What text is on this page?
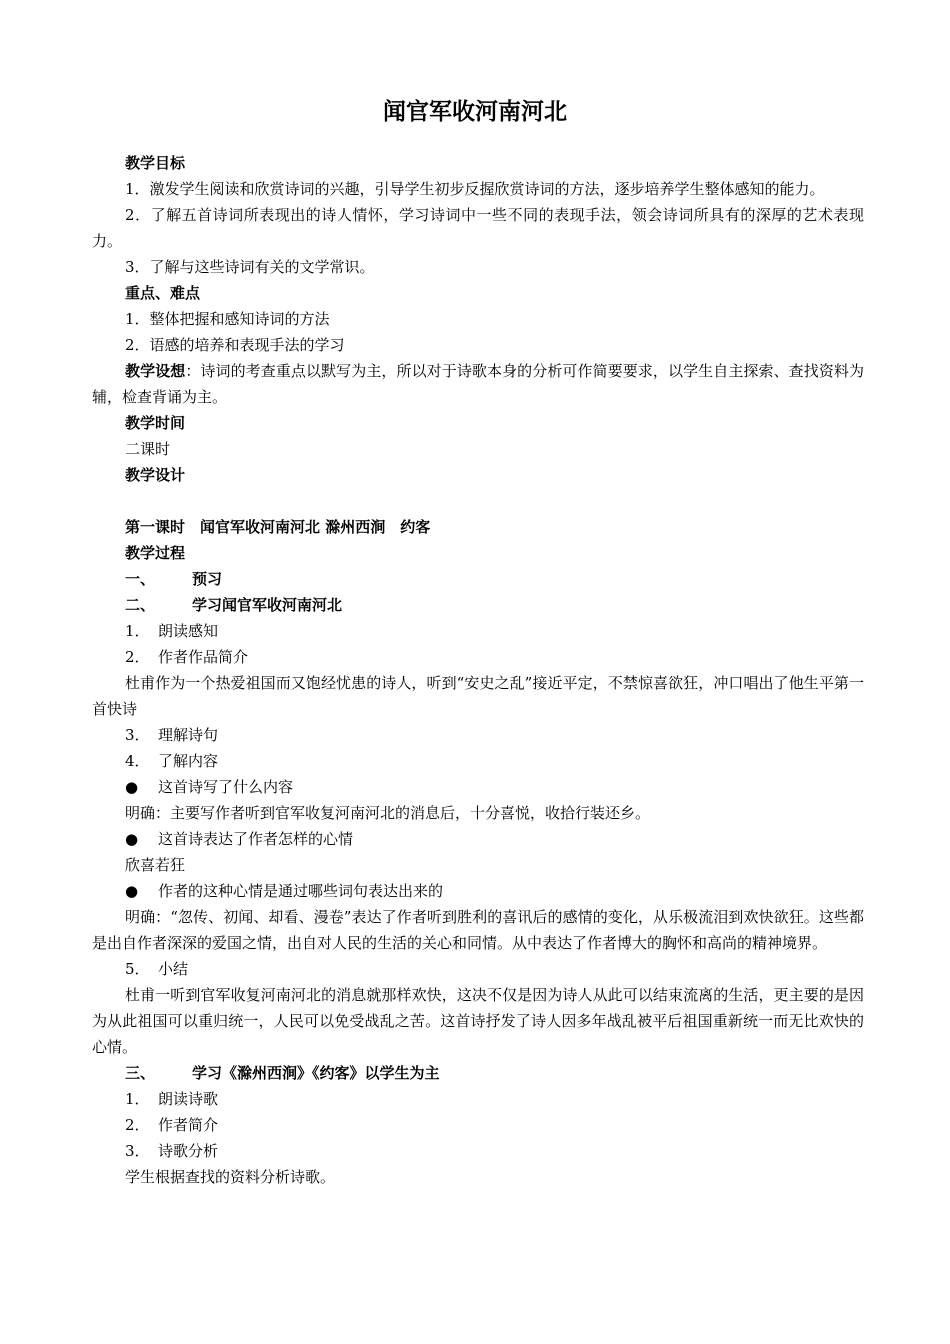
闻官军收河南河北

教学目标

1．激发学生阅读和欣赏诗词的兴趣，引导学生初步反握欣赏诗词的方法，逐步培养学生整体感知的能力。

2．了解五首诗词所表现出的诗人情怀，学习诗词中一些不同的表现手法，领会诗词所具有的深厚的艺术表现力。

3．了解与这些诗词有关的文学常识。

重点、难点

1．整体把握和感知诗词的方法

2．语感的培养和表现手法的学习

教学设想：诗词的考查重点以默写为主，所以对于诗歌本身的分析可作简要要求，以学生自主探索、查找资料为辅，检查背诵为主。

教学时间

二课时

教学设计

第一课时　闻官军收河南河北 滁州西涧　约客

教学过程

一、 预习

二、 学习闻官军收河南河北

1． 朗读感知

2． 作者作品简介

杜甫作为一个热爱祖国而又饱经忧患的诗人，听到“安史之乱”接近平定，不禁惊喜欲狂，冲口唱出了他生平第一首快诗

3． 理解诗句

4． 了解内容

● 这首诗写了什么内容

明确：主要写作者听到官军收复河南河北的消息后，十分喜悦，收拾行装还乡。

● 这首诗表达了作者怎样的心情

欣喜若狂

● 作者的这种心情是通过哪些词句表达出来的

明确：“忽传、初闻、却看、漫卷”表达了作者听到胜利的喜讯后的感情的变化，从乐极流泪到欢快欲狂。这些都是出自作者深深的爱国之情，出自对人民的生活的关心和同情。从中表达了作者博大的胸怀和高尚的精神境界。

5． 小结

杜甫一听到官军收复河南河北的消息就那样欢快，这决不仅是因为诗人从此可以结束流离的生活，更主要的是因为从此祖国可以重归统一，人民可以免受战乱之苦。这首诗抒发了诗人因多年战乱被平后祖国重新统一而无比欢快的心情。

三、 学习《滁州西涧》《约客》以学生为主

1． 朗读诗歌

2． 作者简介

3． 诗歌分析

学生根据查找的资料分析诗歌。
